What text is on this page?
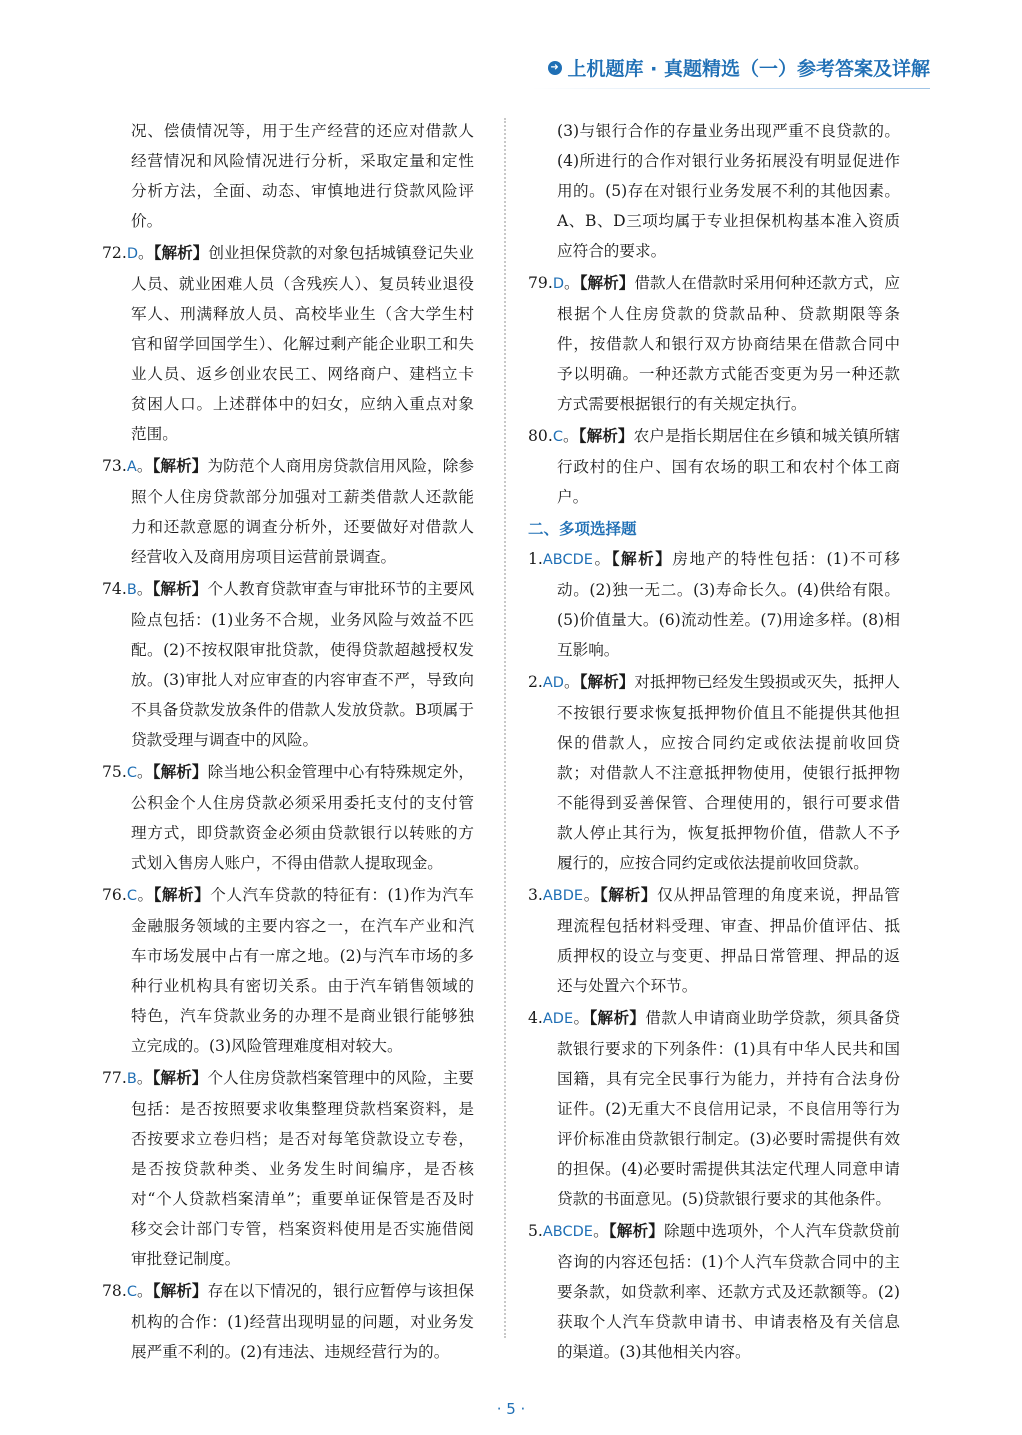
➜ 上机题库 · 真题精选（一）参考答案及详解
况、偿债情况等，用于生产经营的还应对借款人经营情况和风险情况进行分析，采取定量和定性分析方法，全面、动态、审慎地进行贷款风险评价。
72.D。【解析】创业担保贷款的对象包括城镇登记失业人员、就业困难人员（含残疾人）、复员转业退役军人、刑满释放人员、高校毕业生（含大学生村官和留学回国学生）、化解过剩产能企业职工和失业人员、返乡创业农民工、网络商户、建档立卡贫困人口。上述群体中的妇女，应纳入重点对象范围。
73.A。【解析】为防范个人商用房贷款信用风险，除参照个人住房贷款部分加强对工薪类借款人还款能力和还款意愿的调查分析外，还要做好对借款人经营收入及商用房项目运营前景调查。
74.B。【解析】个人教育贷款审查与审批环节的主要风险点包括：(1)业务不合规，业务风险与效益不匹配。(2)不按权限审批贷款，使得贷款超越授权发放。(3)审批人对应审查的内容审查不严，导致向不具备贷款发放条件的借款人发放贷款。B项属于贷款受理与调查中的风险。
75.C。【解析】除当地公积金管理中心有特殊规定外，公积金个人住房贷款必须采用委托支付的支付管理方式，即贷款资金必须由贷款银行以转账的方式划入售房人账户，不得由借款人提取现金。
76.C。【解析】个人汽车贷款的特征有：(1)作为汽车金融服务领域的主要内容之一，在汽车产业和汽车市场发展中占有一席之地。(2)与汽车市场的多种行业机构具有密切关系。由于汽车销售领域的特色，汽车贷款业务的办理不是商业银行能够独立完成的。(3)风险管理难度相对较大。
77.B。【解析】个人住房贷款档案管理中的风险，主要包括：是否按照要求收集整理贷款档案资料，是否按要求立卷归档；是否对每笔贷款设立专卷，是否按贷款种类、业务发生时间编序，是否核对“个人贷款档案清单”；重要单证保管是否及时移交会计部门专管，档案资料使用是否实施借阅审批登记制度。
78.C。【解析】存在以下情况的，银行应暂停与该担保机构的合作：(1)经营出现明显的问题，对业务发展严重不利的。(2)有违法、违规经营行为的。
(3)与银行合作的存量业务出现严重不良贷款的。(4)所进行的合作对银行业务拓展没有明显促进作用的。(5)存在对银行业务发展不利的其他因素。A、B、D三项均属于专业担保机构基本准入资质应符合的要求。
79.D。【解析】借款人在借款时采用何种还款方式，应根据个人住房贷款的贷款品种、贷款期限等条件，按借款人和银行双方协商结果在借款合同中予以明确。一种还款方式能否变更为另一种还款方式需要根据银行的有关规定执行。
80.C。【解析】农户是指长期居住在乡镇和城关镇所辖行政村的住户、国有农场的职工和农村个体工商户。
二、多项选择题
1.ABCDE。【解析】房地产的特性包括：(1)不可移动。(2)独一无二。(3)寿命长久。(4)供给有限。(5)价值量大。(6)流动性差。(7)用途多样。(8)相互影响。
2.AD。【解析】对抵押物已经发生毁损或灭失，抵押人不按银行要求恢复抵押物价值且不能提供其他担保的借款人，应按合同约定或依法提前收回贷款；对借款人不注意抵押物使用，使银行抵押物不能得到妥善保管、合理使用的，银行可要求借款人停止其行为，恢复抵押物价值，借款人不予履行的，应按合同约定或依法提前收回贷款。
3.ABDE。【解析】仅从押品管理的角度来说，押品管理流程包括材料受理、审查、押品价值评估、抵质押权的设立与变更、押品日常管理、押品的返还与处置六个环节。
4.ADE。【解析】借款人申请商业助学贷款，须具备贷款银行要求的下列条件：(1)具有中华人民共和国国籍，具有完全民事行为能力，并持有合法身份证件。(2)无重大不良信用记录，不良信用等行为评价标准由贷款银行制定。(3)必要时需提供有效的担保。(4)必要时需提供其法定代理人同意申请贷款的书面意见。(5)贷款银行要求的其他条件。
5.ABCDE。【解析】除题中选项外，个人汽车贷款贷前咨询的内容还包括：(1)个人汽车贷款合同中的主要条款，如贷款利率、还款方式及还款额等。(2)获取个人汽车贷款申请书、申请表格及有关信息的渠道。(3)其他相关内容。
· 5 ·
